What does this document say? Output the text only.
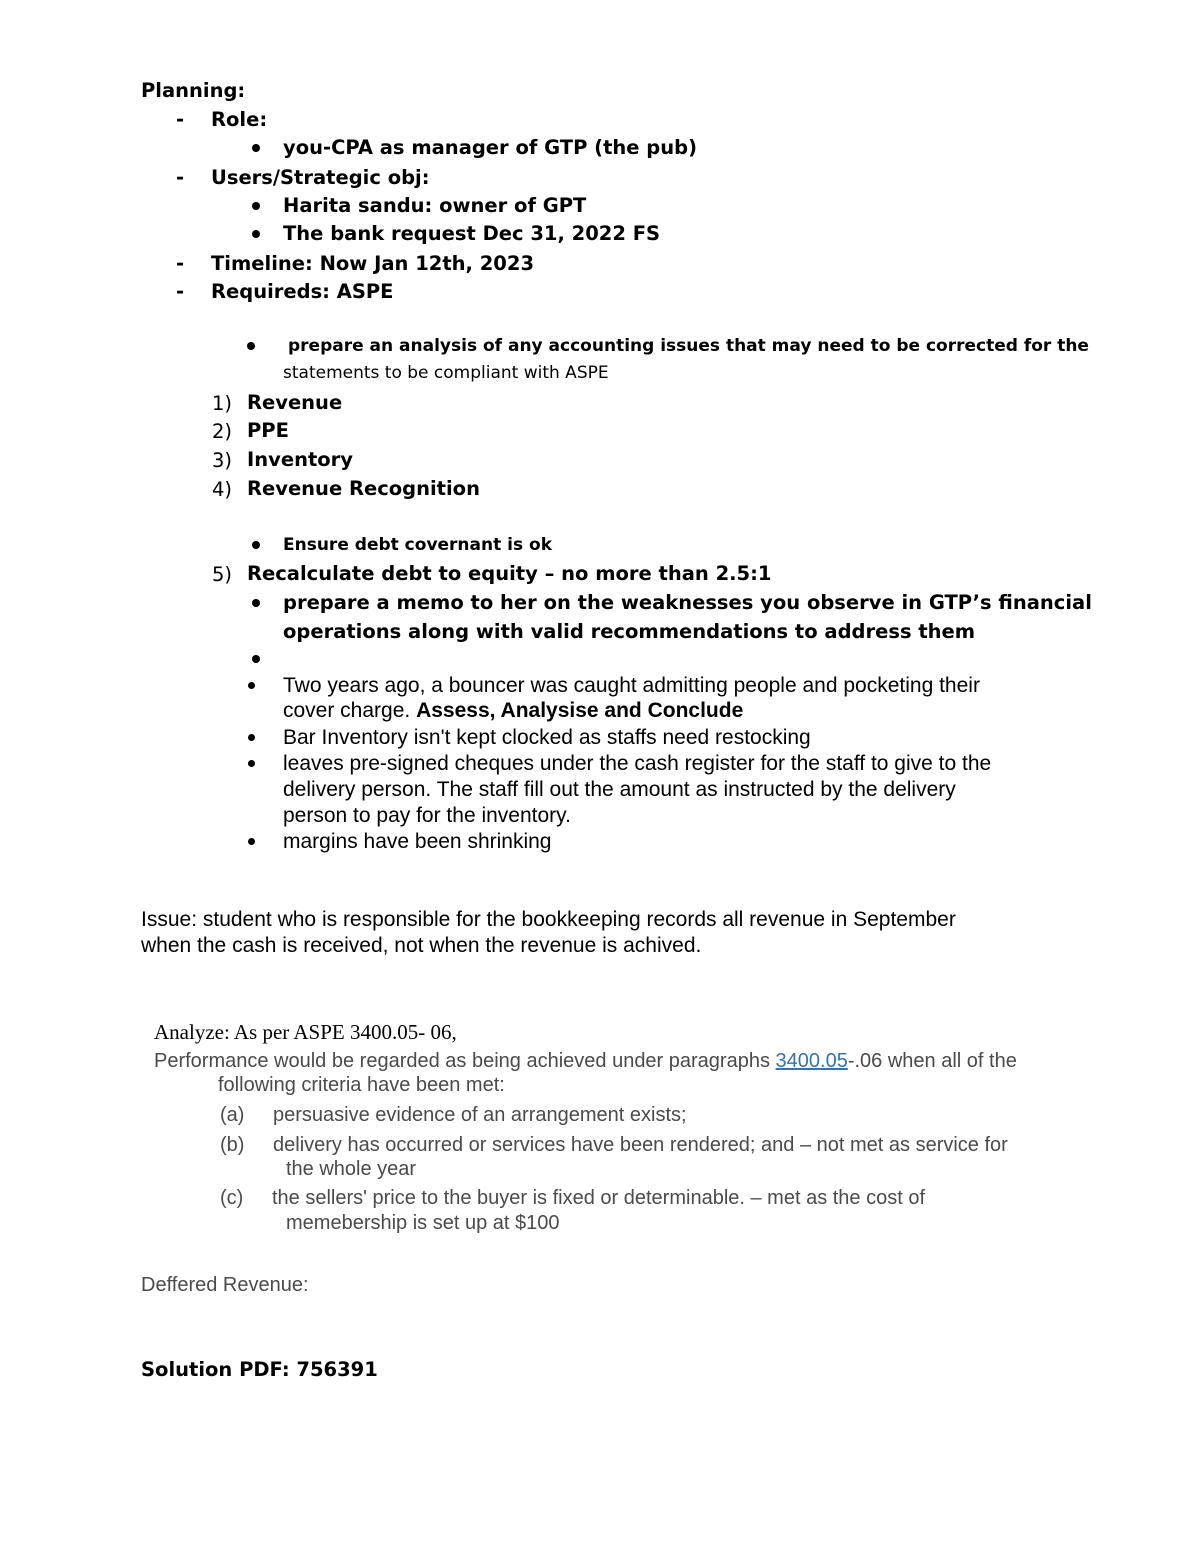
Planning:
- Role:
you-CPA as manager of GTP (the pub)
- Users/Strategic obj:
Harita sandu: owner of GPT
The bank request Dec 31, 2022 FS
- Timeline: Now Jan 12th, 2023
- Requireds: ASPE
prepare an analysis of any accounting issues that may need to be corrected for the
statements to be compliant with ASPE
1) Revenue
2) PPE
3) Inventory
4) Revenue Recognition
Ensure debt covernant is ok
5) Recalculate debt to equity – no more than 2.5:1
prepare a memo to her on the weaknesses you observe in GTP’s financial
operations along with valid recommendations to address them
Two years ago, a bouncer was caught admitting people and pocketing their
cover charge. Assess, Analysise and Conclude
Bar Inventory isn't kept clocked as staffs need restocking
leaves pre-signed cheques under the cash register for the staff to give to the
delivery person. The staff fill out the amount as instructed by the delivery
person to pay for the inventory.
margins have been shrinking
Issue: student who is responsible for the bookkeeping records all revenue in September
when the cash is received, not when the revenue is achived.
Analyze: As per ASPE 3400.05- 06,
Performance would be regarded as being achieved under paragraphs 3400.05-.06 when all of the
following criteria have been met:
(a) persuasive evidence of an arrangement exists;
(b) delivery has occurred or services have been rendered; and – not met as service for
the whole year
(c) the sellers' price to the buyer is fixed or determinable. – met as the cost of
memebership is set up at $100
Deffered Revenue:
Solution PDF: 756391
